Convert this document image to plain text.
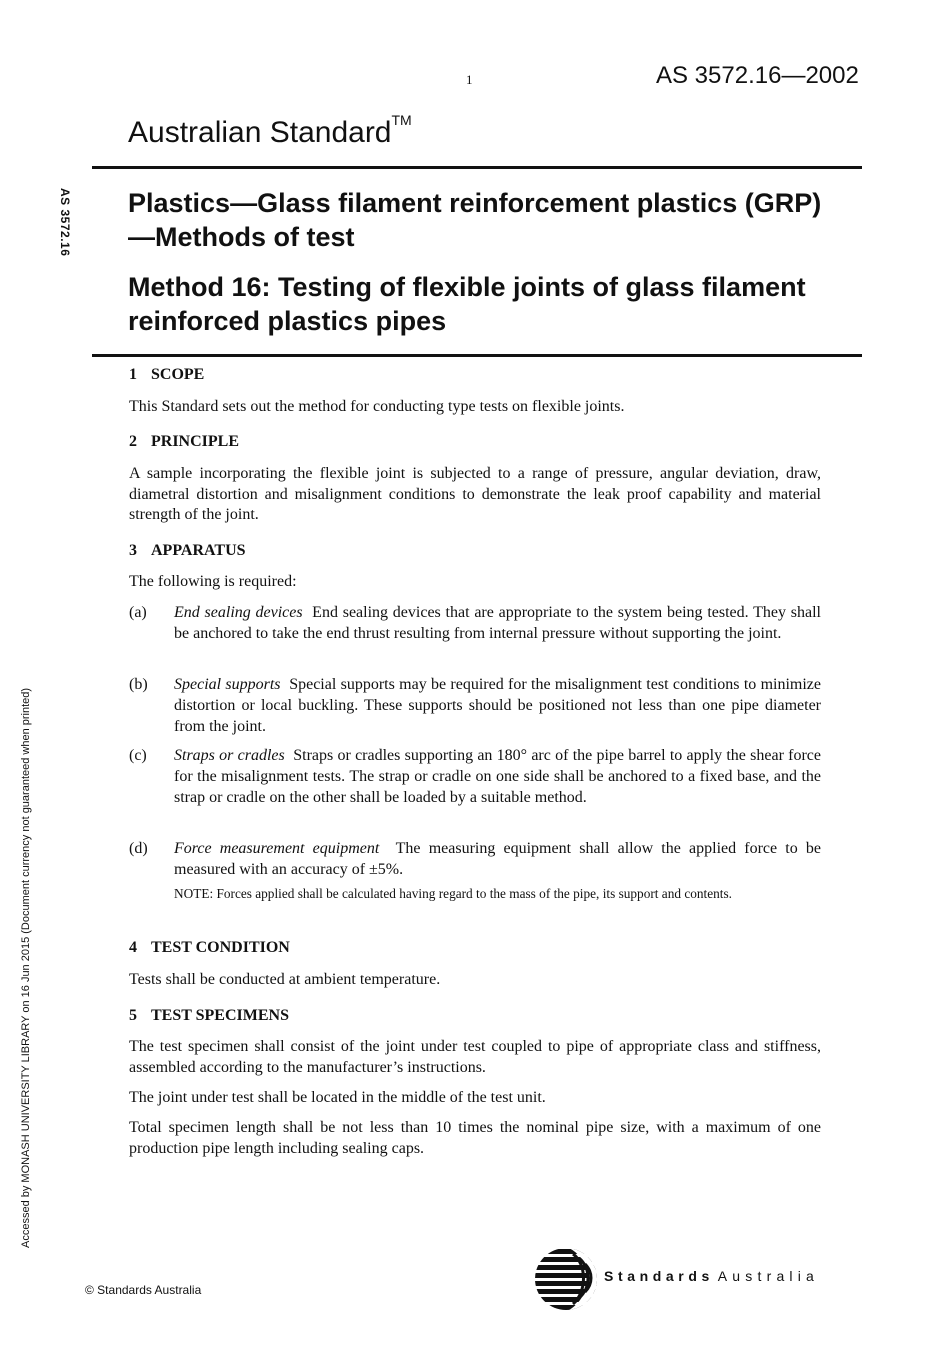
1	AS 3572.16—2002
Australian Standard™
AS 3572.16
Accessed by MONASH UNIVERSITY LIBRARY on 16 Jun 2015 (Document currency not guaranteed when printed)
Plastics—Glass filament reinforcement plastics (GRP)—Methods of test
Method 16: Testing of flexible joints of glass filament reinforced plastics pipes
1 SCOPE
This Standard sets out the method for conducting type tests on flexible joints.
2 PRINCIPLE
A sample incorporating the flexible joint is subjected to a range of pressure, angular deviation, draw, diametral distortion and misalignment conditions to demonstrate the leak proof capability and material strength of the joint.
3 APPARATUS
The following is required:
(a) End sealing devices End sealing devices that are appropriate to the system being tested. They shall be anchored to take the end thrust resulting from internal pressure without supporting the joint.
(b) Special supports Special supports may be required for the misalignment test conditions to minimize distortion or local buckling. These supports should be positioned not less than one pipe diameter from the joint.
(c) Straps or cradles Straps or cradles supporting an 180° arc of the pipe barrel to apply the shear force for the misalignment tests. The strap or cradle on one side shall be anchored to a fixed base, and the strap or cradle on the other shall be loaded by a suitable method.
(d) Force measurement equipment The measuring equipment shall allow the applied force to be measured with an accuracy of ±5%.
NOTE: Forces applied shall be calculated having regard to the mass of the pipe, its support and contents.
4 TEST CONDITION
Tests shall be conducted at ambient temperature.
5 TEST SPECIMENS
The test specimen shall consist of the joint under test coupled to pipe of appropriate class and stiffness, assembled according to the manufacturer’s instructions.
The joint under test shall be located in the middle of the test unit.
Total specimen length shall be not less than 10 times the nominal pipe size, with a maximum of one production pipe length including sealing caps.
© Standards Australia
Standards Australia
